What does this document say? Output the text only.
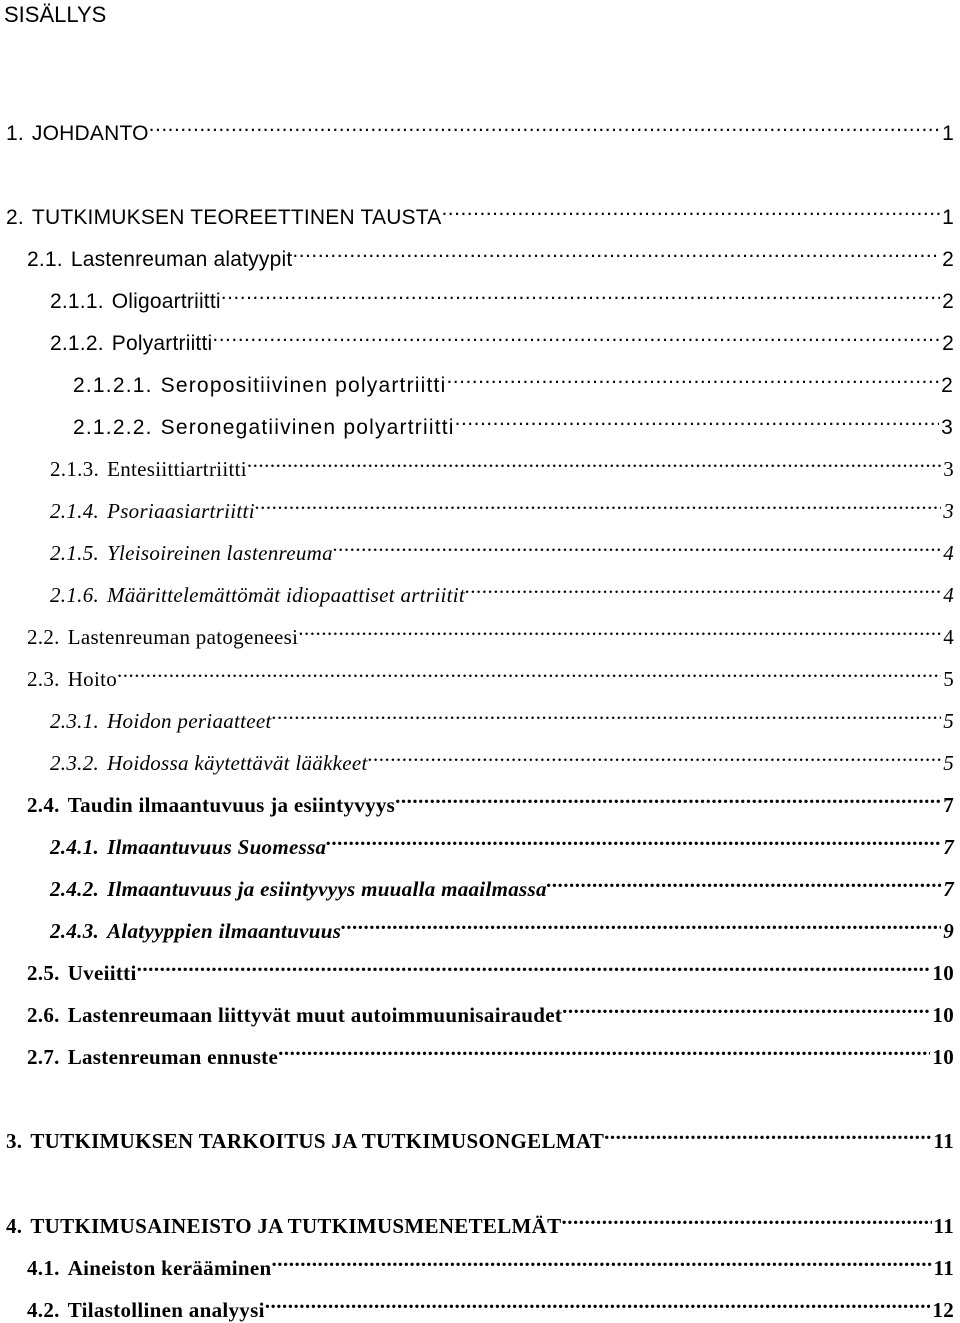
SISÄLLYS
1. JOHDANTO .....	1
2. TUTKIMUKSEN TEOREETTINEN TAUSTA .....	1
2.1. Lastenreuman alatyypit .....	2
2.1.1. Oligoartriitti .....	2
2.1.2. Polyartriitti .....	2
2.1.2.1. Seropositiivinen polyartriitti .....	2
2.1.2.2. Seronegatiivinen polyartriitti .....	3
2.1.3. Entesiittiartriitti .....	3
2.1.4. Psoriaasiartriitti .....	3
2.1.5. Yleisoireinen lastenreuma .....	4
2.1.6. Määrittelemättömät idiopaattiset artriitit .....	4
2.2. Lastenreuman patogeneesi .....	4
2.3. Hoito .....	5
2.3.1. Hoidon periaatteet .....	5
2.3.2. Hoidossa käytettävät lääkkeet .....	5
2.4. Taudin ilmaantuvuus ja esiintyvyys .....	7
2.4.1. Ilmaantuvuus Suomessa .....	7
2.4.2. Ilmaantuvuus ja esiintyvyys muualla maailmassa .....	7
2.4.3. Alatyyppien ilmaantuvuus .....	9
2.5. Uveiitti .....	10
2.6. Lastenreumaan liittyvät muut autoimmuunisairaudet .....	10
2.7. Lastenreuman ennuste .....	10
3. TUTKIMUKSEN TARKOITUS JA TUTKIMUSONGELMAT .....	11
4. TUTKIMUSAINEISTO JA TUTKIMUSMENETELMÄT .....	11
4.1. Aineiston kerääminen .....	11
4.2. Tilastollinen analyysi .....	12
